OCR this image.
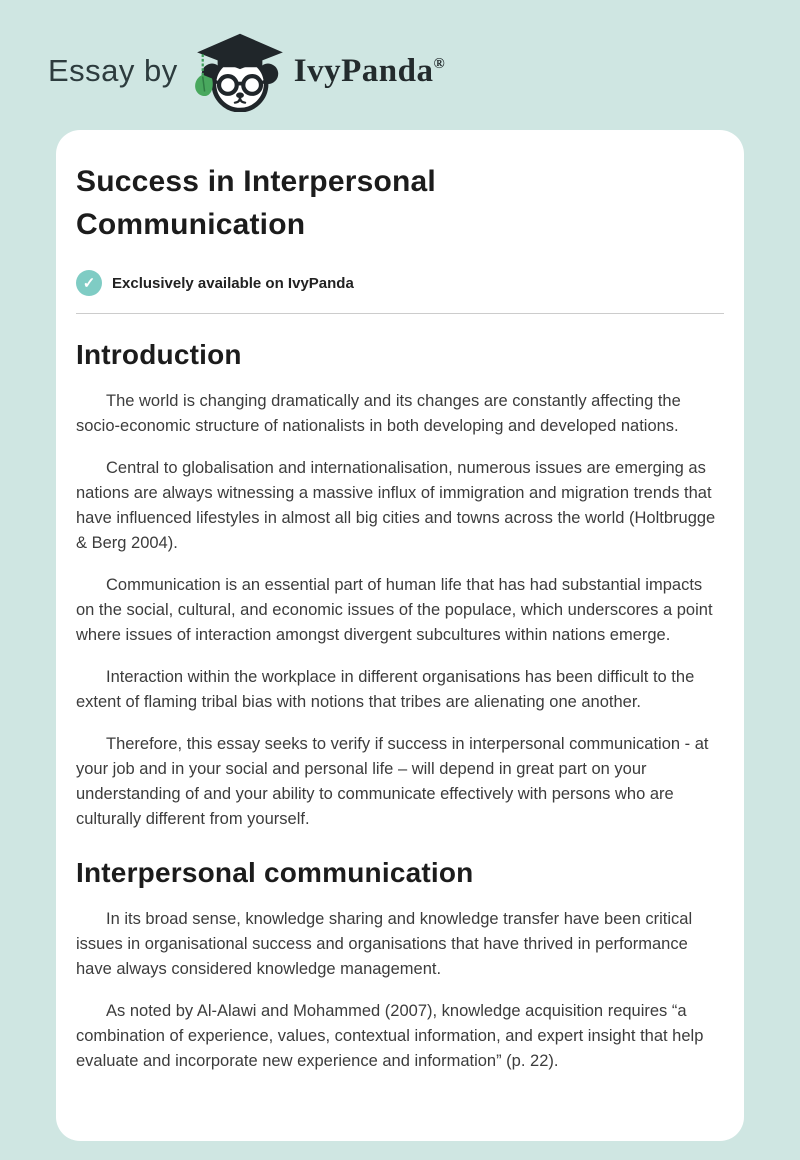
Essay by	IvyPanda®
Success in Interpersonal Communication
✓	Exclusively available on IvyPanda
Introduction

The world is changing dramatically and its changes are constantly affecting the socio-economic structure of nationalists in both developing and developed nations.

Central to globalisation and internationalisation, numerous issues are emerging as nations are always witnessing a massive influx of immigration and migration trends that have influenced lifestyles in almost all big cities and towns across the world (Holtbrugge & Berg 2004).

Communication is an essential part of human life that has had substantial impacts on the social, cultural, and economic issues of the populace, which underscores a point where issues of interaction amongst divergent subcultures within nations emerge.

Interaction within the workplace in different organisations has been difficult to the extent of flaming tribal bias with notions that tribes are alienating one another.

Therefore, this essay seeks to verify if success in interpersonal communication - at your job and in your social and personal life – will depend in great part on your understanding of and your ability to communicate effectively with persons who are culturally different from yourself.

Interpersonal communication

In its broad sense, knowledge sharing and knowledge transfer have been critical issues in organisational success and organisations that have thrived in performance have always considered knowledge management.

As noted by Al-Alawi and Mohammed (2007), knowledge acquisition requires “a combination of experience, values, contextual information, and expert insight that help evaluate and incorporate new experience and information” (p. 22).
